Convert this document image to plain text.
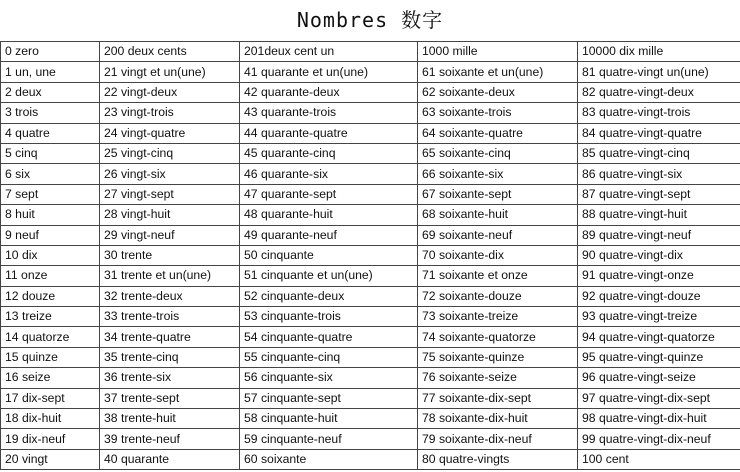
Nombres 数字
0 zero	200 deux cents	201deux cent un	1000 mille	10000 dix mille
1 un, une	21 vingt et un(une)	41 quarante et un(une)	61 soixante et un(une)	81 quatre-vingt un(une)
2 deux	22 vingt-deux	42 quarante-deux	62 soixante-deux	82 quatre-vingt-deux
3 trois	23 vingt-trois	43 quarante-trois	63 soixante-trois	83 quatre-vingt-trois
4 quatre	24 vingt-quatre	44 quarante-quatre	64 soixante-quatre	84 quatre-vingt-quatre
5 cinq	25 vingt-cinq	45 quarante-cinq	65 soixante-cinq	85 quatre-vingt-cinq
6 six	26 vingt-six	46 quarante-six	66 soixante-six	86 quatre-vingt-six
7 sept	27 vingt-sept	47 quarante-sept	67 soixante-sept	87 quatre-vingt-sept
8 huit	28 vingt-huit	48 quarante-huit	68 soixante-huit	88 quatre-vingt-huit
9 neuf	29 vingt-neuf	49 quarante-neuf	69 soixante-neuf	89 quatre-vingt-neuf
10 dix	30 trente	50 cinquante	70 soixante-dix	90 quatre-vingt-dix
11 onze	31 trente et un(une)	51 cinquante et un(une)	71 soixante et onze	91 quatre-vingt-onze
12 douze	32 trente-deux	52 cinquante-deux	72 soixante-douze	92 quatre-vingt-douze
13 treize	33 trente-trois	53 cinquante-trois	73 soixante-treize	93 quatre-vingt-treize
14 quatorze	34 trente-quatre	54 cinquante-quatre	74 soixante-quatorze	94 quatre-vingt-quatorze
15 quinze	35 trente-cinq	55 cinquante-cinq	75 soixante-quinze	95 quatre-vingt-quinze
16 seize	36 trente-six	56 cinquante-six	76 soixante-seize	96 quatre-vingt-seize
17 dix-sept	37 trente-sept	57 cinquante-sept	77 soixante-dix-sept	97 quatre-vingt-dix-sept
18 dix-huit	38 trente-huit	58 cinquante-huit	78 soixante-dix-huit	98 quatre-vingt-dix-huit
19 dix-neuf	39 trente-neuf	59 cinquante-neuf	79 soixante-dix-neuf	99 quatre-vingt-dix-neuf
20 vingt	40 quarante	60 soixante	80 quatre-vingts	100 cent
